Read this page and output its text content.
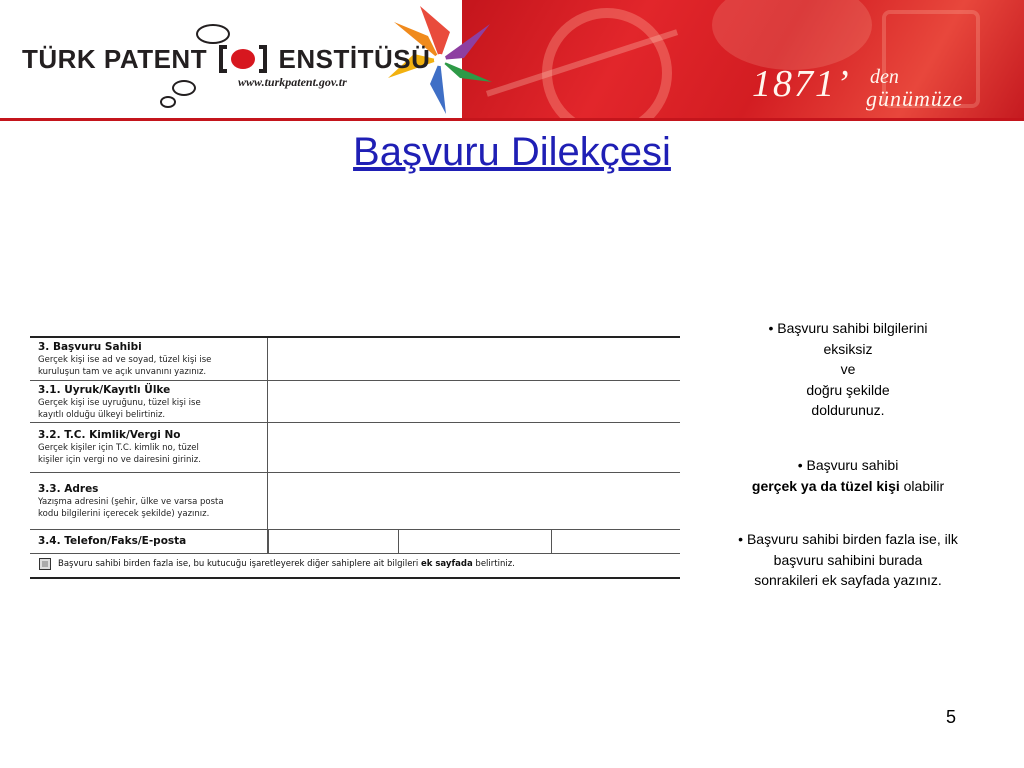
TÜRK PATENT	ENSTİTÜSÜ
www.turkpatent.gov.tr	1871’ den
günümüze
Başvuru Dilekçesi
3. Başvuru Sahibi
Gerçek kişi ise ad ve soyad, tüzel kişi ise
kuruluşun tam ve açık unvanını yazınız.
3.1. Uyruk/Kayıtlı Ülke
Gerçek kişi ise uyruğunu, tüzel kişi ise
kayıtlı olduğu ülkeyi belirtiniz.
3.2. T.C. Kimlik/Vergi No
Gerçek kişiler için T.C. kimlik no, tüzel
kişiler için vergi no ve dairesini giriniz.
3.3. Adres
Yazışma adresini (şehir, ülke ve varsa posta
kodu bilgilerini içerecek şekilde) yazınız.
3.4. Telefon/Faks/E-posta
Başvuru sahibi birden fazla ise, bu kutucuğu işaretleyerek diğer sahiplere ait bilgileri ek sayfada belirtiniz.
• Başvuru sahibi bilgilerini
eksiksiz
ve
doğru şekilde
doldurunuz.
• Başvuru sahibi
gerçek ya da tüzel kişi olabilir
• Başvuru sahibi birden fazla ise, ilk
başvuru sahibini burada
sonrakileri ek sayfada yazınız.
5
